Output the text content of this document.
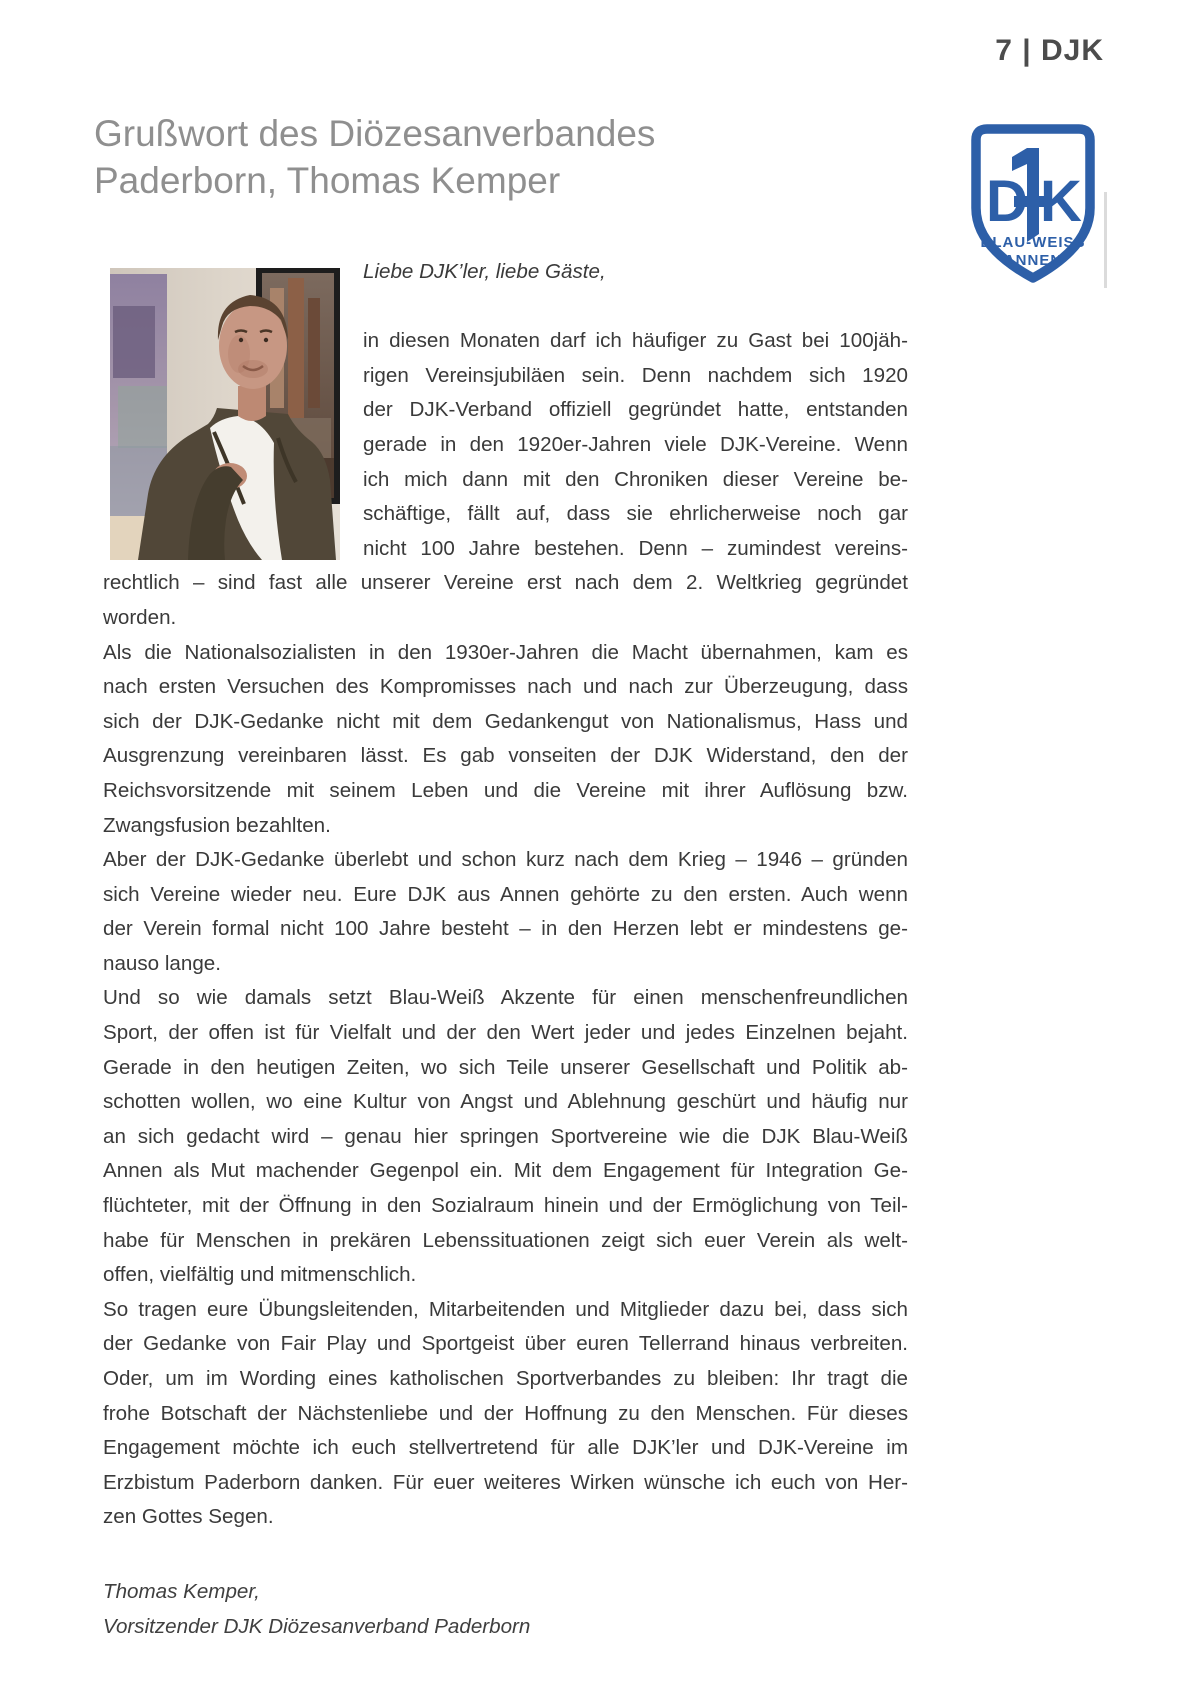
7 | DJK
Grußwort des Diözesanverbandes
Paderborn, Thomas Kemper	D K
BLAU-WEISS
ANNEN
Liebe DJK’ler, liebe Gäste,
in diesen Monaten darf ich häufiger zu Gast bei 100jäh-
rigen Vereinsjubiläen sein. Denn nachdem sich 1920
der DJK-Verband offiziell gegründet hatte, entstanden
gerade in den 1920er-Jahren viele DJK-Vereine. Wenn
ich mich dann mit den Chroniken dieser Vereine be-
schäftige, fällt auf, dass sie ehrlicherweise noch gar
nicht 100 Jahre bestehen. Denn – zumindest vereins-
rechtlich – sind fast alle unserer Vereine erst nach dem 2. Weltkrieg gegründet
worden.
Als die Nationalsozialisten in den 1930er-Jahren die Macht übernahmen, kam es
nach ersten Versuchen des Kompromisses nach und nach zur Überzeugung, dass
sich der DJK-Gedanke nicht mit dem Gedankengut von Nationalismus, Hass und
Ausgrenzung vereinbaren lässt. Es gab vonseiten der DJK Widerstand, den der
Reichsvorsitzende mit seinem Leben und die Vereine mit ihrer Auflösung bzw.
Zwangsfusion bezahlten.
Aber der DJK-Gedanke überlebt und schon kurz nach dem Krieg – 1946 – gründen
sich Vereine wieder neu. Eure DJK aus Annen gehörte zu den ersten. Auch wenn
der Verein formal nicht 100 Jahre besteht – in den Herzen lebt er mindestens ge-
nauso lange.
Und so wie damals setzt Blau-Weiß Akzente für einen menschenfreundlichen
Sport, der offen ist für Vielfalt und der den Wert jeder und jedes Einzelnen bejaht.
Gerade in den heutigen Zeiten, wo sich Teile unserer Gesellschaft und Politik ab-
schotten wollen, wo eine Kultur von Angst und Ablehnung geschürt und häufig nur
an sich gedacht wird – genau hier springen Sportvereine wie die DJK Blau-Weiß
Annen als Mut machender Gegenpol ein. Mit dem Engagement für Integration Ge-
flüchteter, mit der Öffnung in den Sozialraum hinein und der Ermöglichung von Teil-
habe für Menschen in prekären Lebenssituationen zeigt sich euer Verein als welt-
offen, vielfältig und mitmenschlich.
So tragen eure Übungsleitenden, Mitarbeitenden und Mitglieder dazu bei, dass sich
der Gedanke von Fair Play und Sportgeist über euren Tellerrand hinaus verbreiten.
Oder, um im Wording eines katholischen Sportverbandes zu bleiben: Ihr tragt die
frohe Botschaft der Nächstenliebe und der Hoffnung zu den Menschen. Für dieses
Engagement möchte ich euch stellvertretend für alle DJK’ler und DJK-Vereine im
Erzbistum Paderborn danken. Für euer weiteres Wirken wünsche ich euch von Her-
zen Gottes Segen.
Thomas Kemper,
Vorsitzender DJK Diözesanverband Paderborn
